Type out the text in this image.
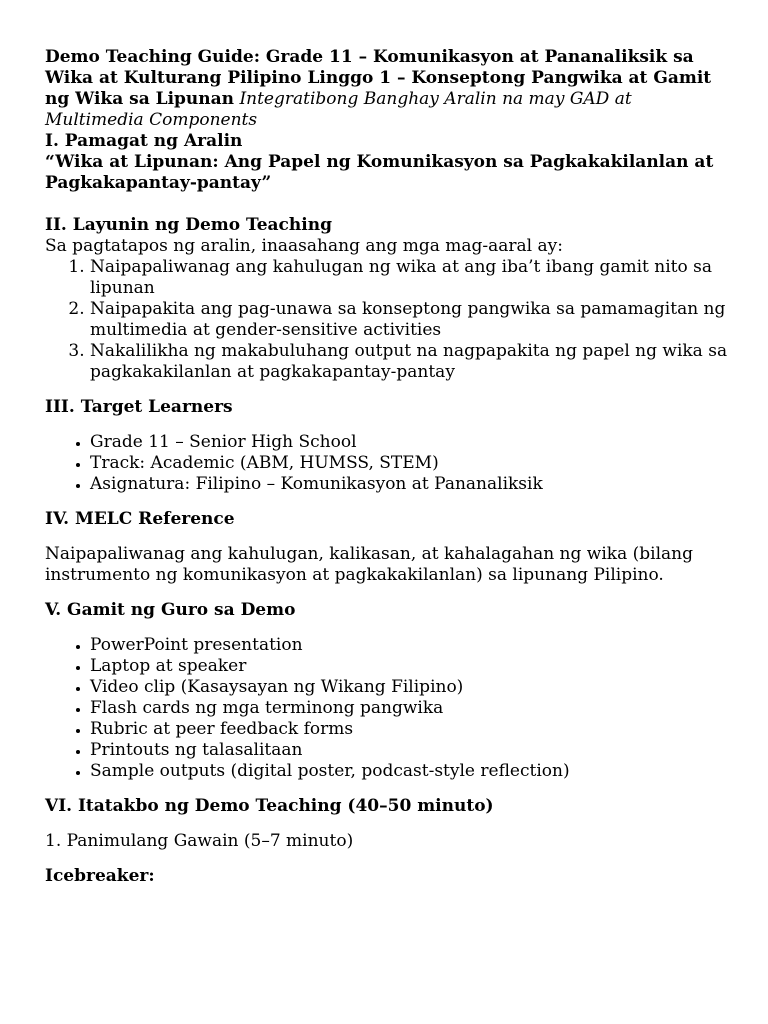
Demo Teaching Guide: Grade 11 – Komunikasyon at Pananaliksik sa Wika at Kulturang Pilipino Linggo 1 – Konseptong Pangwika at Gamit ng Wika sa Lipunan Integratibong Banghay Aralin na may GAD at Multimedia Components

I. Pamagat ng Aralin

“Wika at Lipunan: Ang Papel ng Komunikasyon sa Pagkakakilanlan at Pagkakapantay-pantay”

II. Layunin ng Demo Teaching

Sa pagtatapos ng aralin, inaasahang ang mga mag-aaral ay:

1. Naipapaliwanag ang kahulugan ng wika at ang iba’t ibang gamit nito sa lipunan
2. Naipapakita ang pag-unawa sa konseptong pangwika sa pamamagitan ng multimedia at gender-sensitive activities
3. Nakalilikha ng makabuluhang output na nagpapakita ng papel ng wika sa pagkakakilanlan at pagkakapantay-pantay

III. Target Learners

• Grade 11 – Senior High School
• Track: Academic (ABM, HUMSS, STEM)
• Asignatura: Filipino – Komunikasyon at Pananaliksik

IV. MELC Reference

Naipapaliwanag ang kahulugan, kalikasan, at kahalagahan ng wika (bilang instrumento ng komunikasyon at pagkakakilanlan) sa lipunang Pilipino.

V. Gamit ng Guro sa Demo

• PowerPoint presentation
• Laptop at speaker
• Video clip (Kasaysayan ng Wikang Filipino)
• Flash cards ng mga terminong pangwika
• Rubric at peer feedback forms
• Printouts ng talasalitaan
• Sample outputs (digital poster, podcast-style reflection)

VI. Itatakbo ng Demo Teaching (40–50 minuto)

1. Panimulang Gawain (5–7 minuto)

Icebreaker:
